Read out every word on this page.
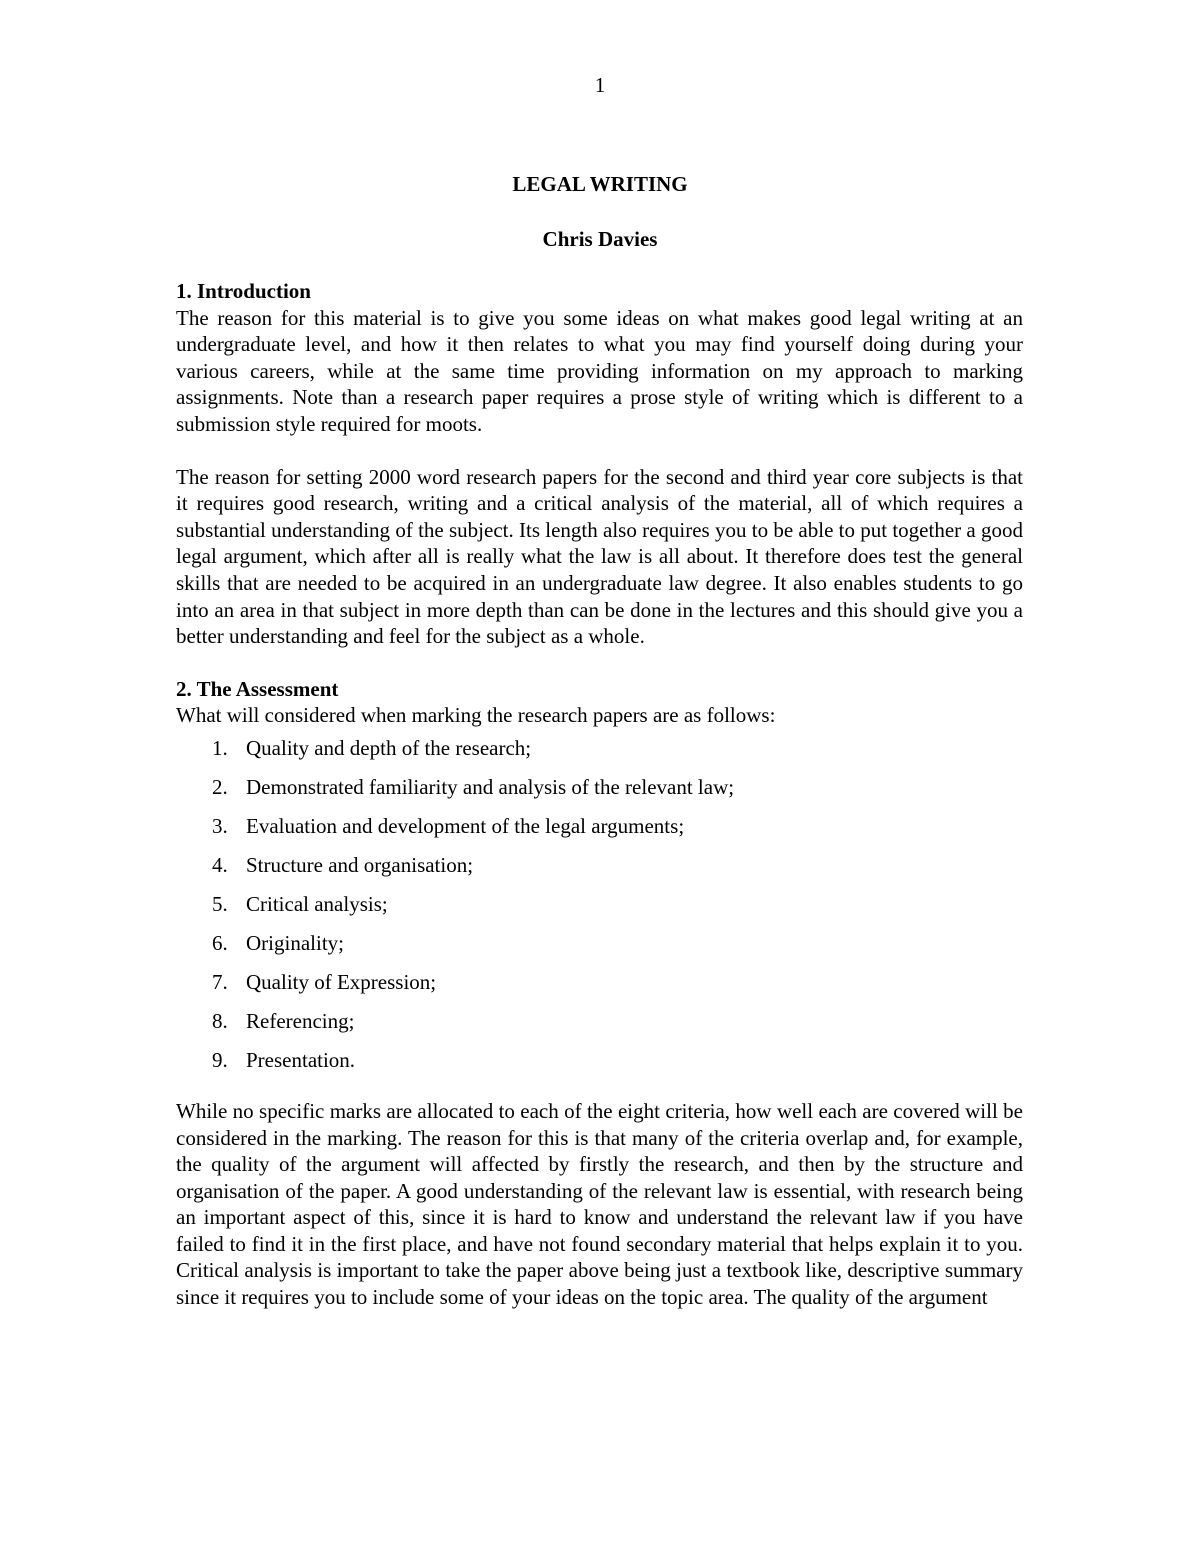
1
LEGAL WRITING
Chris Davies
1. Introduction

The reason for this material is to give you some ideas on what makes good legal writing at an undergraduate level, and how it then relates to what you may find yourself doing during your various careers, while at the same time providing information on my approach to marking assignments. Note than a research paper requires a prose style of writing which is different to a submission style required for moots.

The reason for setting 2000 word research papers for the second and third year core subjects is that it requires good research, writing and a critical analysis of the material, all of which requires a substantial understanding of the subject. Its length also requires you to be able to put together a good legal argument, which after all is really what the law is all about. It therefore does test the general skills that are needed to be acquired in an undergraduate law degree. It also enables students to go into an area in that subject in more depth than can be done in the lectures and this should give you a better understanding and feel for the subject as a whole.

2. The Assessment

What will considered when marking the research papers are as follows:

1. Quality and depth of the research;
2. Demonstrated familiarity and analysis of the relevant law;
3. Evaluation and development of the legal arguments;
4. Structure and organisation;
5. Critical analysis;
6. Originality;
7. Quality of Expression;
8. Referencing;
9. Presentation.

While no specific marks are allocated to each of the eight criteria, how well each are covered will be considered in the marking. The reason for this is that many of the criteria overlap and, for example, the quality of the argument will affected by firstly the research, and then by the structure and organisation of the paper. A good understanding of the relevant law is essential, with research being an important aspect of this, since it is hard to know and understand the relevant law if you have failed to find it in the first place, and have not found secondary material that helps explain it to you. Critical analysis is important to take the paper above being just a textbook like, descriptive summary since it requires you to include some of your ideas on the topic area. The quality of the argument
